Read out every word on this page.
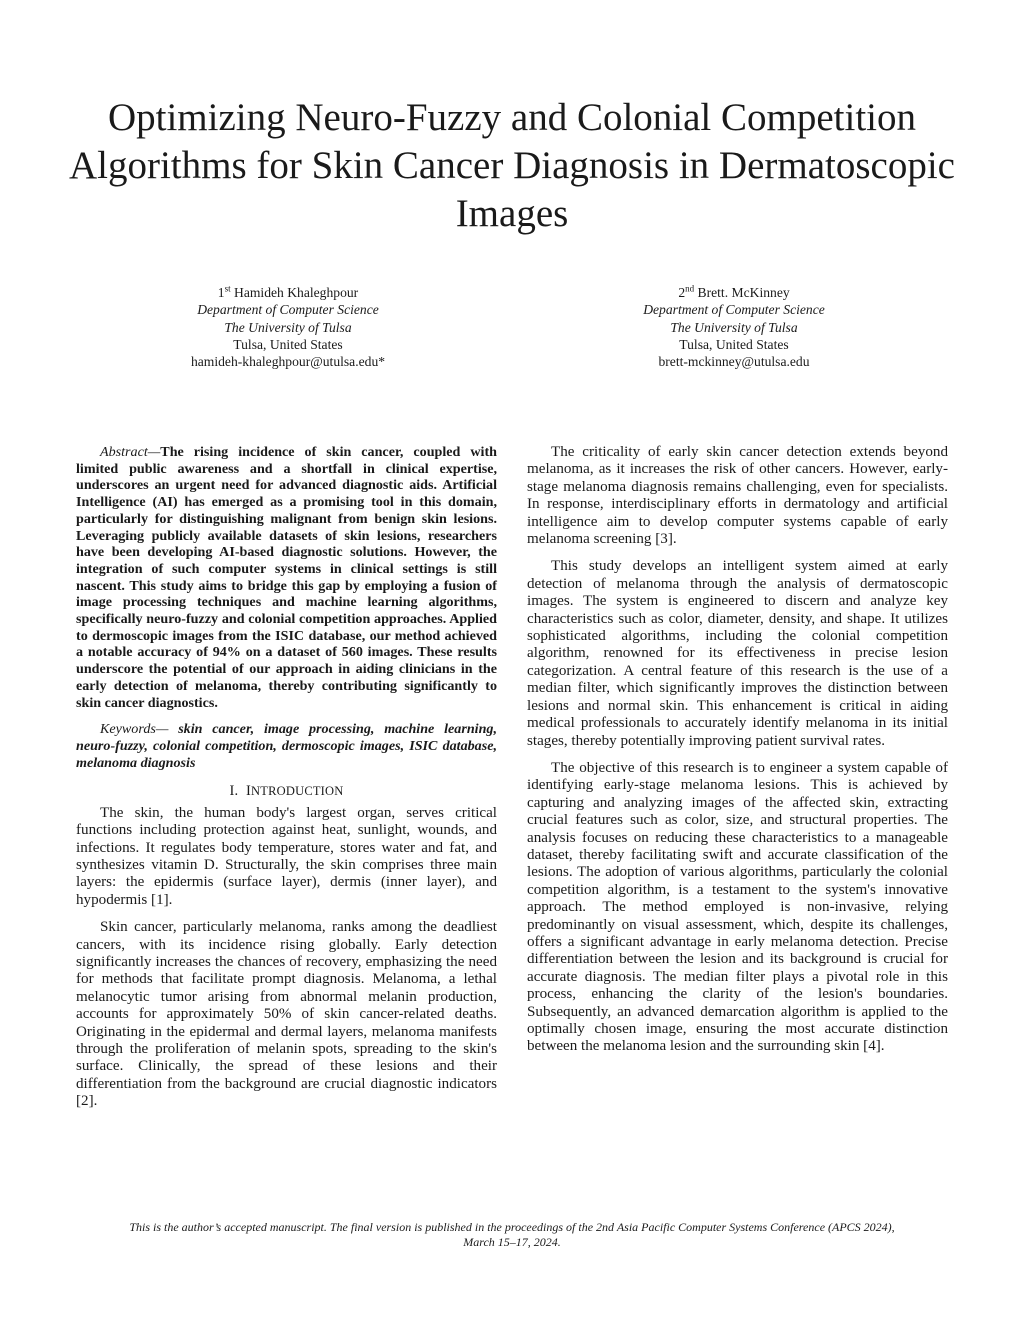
Optimizing Neuro-Fuzzy and Colonial Competition Algorithms for Skin Cancer Diagnosis in Dermatoscopic Images
1st Hamideh Khaleghpour
Department of Computer Science
The University of Tulsa
Tulsa, United States
hamideh-khaleghpour@utulsa.edu*
2nd Brett. McKinney
Department of Computer Science
The University of Tulsa
Tulsa, United States
brett-mckinney@utulsa.edu

Abstract—The rising incidence of skin cancer, coupled with limited public awareness and a shortfall in clinical expertise, underscores an urgent need for advanced diagnostic aids. Artificial Intelligence (AI) has emerged as a promising tool in this domain, particularly for distinguishing malignant from benign skin lesions. Leveraging publicly available datasets of skin lesions, researchers have been developing AI-based diagnostic solutions. However, the integration of such computer systems in clinical settings is still nascent. This study aims to bridge this gap by employing a fusion of image processing techniques and machine learning algorithms, specifically neuro-fuzzy and colonial competition approaches. Applied to dermoscopic images from the ISIC database, our method achieved a notable accuracy of 94% on a dataset of 560 images. These results underscore the potential of our approach in aiding clinicians in the early detection of melanoma, thereby contributing significantly to skin cancer diagnostics.

Keywords— skin cancer, image processing, machine learning, neuro-fuzzy, colonial competition, dermoscopic images, ISIC database, melanoma diagnosis

I. INTRODUCTION

The skin, the human body's largest organ, serves critical functions including protection against heat, sunlight, wounds, and infections. It regulates body temperature, stores water and fat, and synthesizes vitamin D. Structurally, the skin comprises three main layers: the epidermis (surface layer), dermis (inner layer), and hypodermis [1].

Skin cancer, particularly melanoma, ranks among the deadliest cancers, with its incidence rising globally. Early detection significantly increases the chances of recovery, emphasizing the need for methods that facilitate prompt diagnosis. Melanoma, a lethal melanocytic tumor arising from abnormal melanin production, accounts for approximately 50% of skin cancer-related deaths. Originating in the epidermal and dermal layers, melanoma manifests through the proliferation of melanin spots, spreading to the skin's surface. Clinically, the spread of these lesions and their differentiation from the background are crucial diagnostic indicators [2].

The criticality of early skin cancer detection extends beyond melanoma, as it increases the risk of other cancers. However, early-stage melanoma diagnosis remains challenging, even for specialists. In response, interdisciplinary efforts in dermatology and artificial intelligence aim to develop computer systems capable of early melanoma screening [3].

This study develops an intelligent system aimed at early detection of melanoma through the analysis of dermatoscopic images. The system is engineered to discern and analyze key characteristics such as color, diameter, density, and shape. It utilizes sophisticated algorithms, including the colonial competition algorithm, renowned for its effectiveness in precise lesion categorization. A central feature of this research is the use of a median filter, which significantly improves the distinction between lesions and normal skin. This enhancement is critical in aiding medical professionals to accurately identify melanoma in its initial stages, thereby potentially improving patient survival rates.

The objective of this research is to engineer a system capable of identifying early-stage melanoma lesions. This is achieved by capturing and analyzing images of the affected skin, extracting crucial features such as color, size, and structural properties. The analysis focuses on reducing these characteristics to a manageable dataset, thereby facilitating swift and accurate classification of the lesions. The adoption of various algorithms, particularly the colonial competition algorithm, is a testament to the system's innovative approach. The method employed is non-invasive, relying predominantly on visual assessment, which, despite its challenges, offers a significant advantage in early melanoma detection. Precise differentiation between the lesion and its background is crucial for accurate diagnosis. The median filter plays a pivotal role in this process, enhancing the clarity of the lesion's boundaries. Subsequently, an advanced demarcation algorithm is applied to the optimally chosen image, ensuring the most accurate distinction between the melanoma lesion and the surrounding skin [4].

This is the author’s accepted manuscript. The final version is published in the proceedings of the 2nd Asia Pacific Computer Systems Conference (APCS 2024),
March 15–17, 2024.
